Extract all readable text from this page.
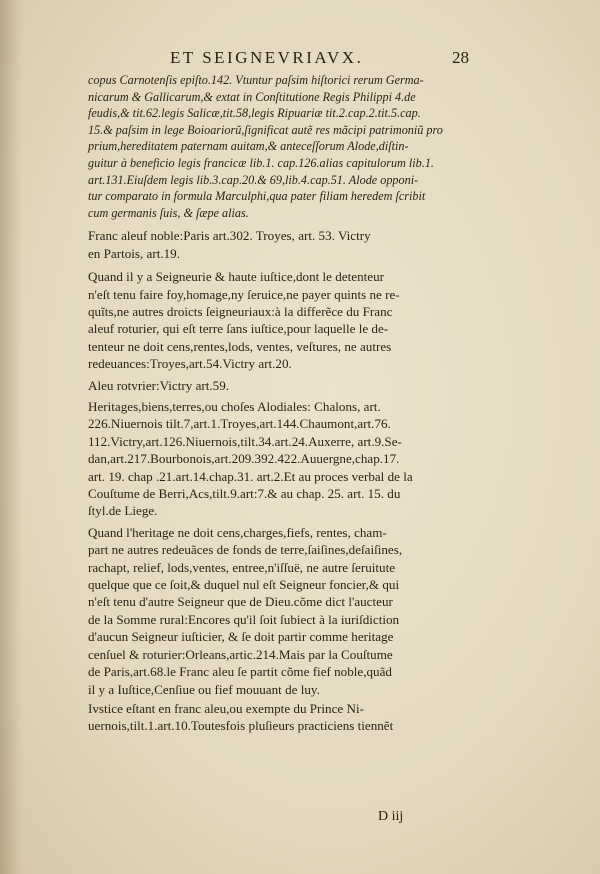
ET SEIGNEVRIAVX.	28

copus Carnotenſis epiſto.142. Vtuntur paſsim hiſtorici rerum Germa-
nicarum & Gallicarum,& extat in Conſtitutione Regis Philippi 4.de
feudis,& tit.62.legis Salicæ,tit.58,legis Ripuariæ tit.2.cap.2.tit.5.cap.
15.& paſsim in lege Boioariorũ,ſignificat autẽ res mãcipi patrimoniũ pro
prium,hereditatem paternam auitam,& anteceſſorum Alode,diſtin-
guitur à beneficio legis francicæ lib.1. cap.126.alias capitulorum lib.1.
art.131.Eiuſdem legis lib.3.cap.20.& 69,lib.4.cap.51. Alode opponi-
tur comparato in formula Marculphi,qua pater filiam heredem ſcribit
cum germanis ſuis, & ſæpe alias.

Franc aleuf noble:Paris art.302. Troyes, art. 53. Victry
en Partois, art.19.

Quand il y a Seigneurie & haute iuſtice,dont le detenteur
n'eſt tenu faire foy,homage,ny ſeruice,ne payer quints ne re-
quĩts,ne autres droicts ſeigneuriaux:à la differẽce du Franc
aleuf roturier, qui eſt terre ſans iuſtice,pour laquelle le de-
tenteur ne doit cens,rentes,lods, ventes, veſtures, ne autres
redeuances:Troyes,art.54.Victry art.20.

Aleu rotvrier:Victry art.59.

Heritages,biens,terres,ou choſes Alodiales: Chalons, art.
226.Niuernois tilt.7,art.1.Troyes,art.144.Chaumont,art.76.
112.Victry,art.126.Niuernois,tilt.34.art.24.Auxerre, art.9.Se-
dan,art.217.Bourbonois,art.209.392.422.Auuergne,chap.17.
art. 19. chap .21.art.14.chap.31. art.2.Et au proces verbal de la
Couſtume de Berri,Acs,tilt.9.art:7.& au chap. 25. art. 15. du
ſtyl.de Liege.

Quand l'heritage ne doit cens,charges,fiefs, rentes, cham-
part ne autres redeuãces de fonds de terre,ſaiſines,deſaiſines,
rachapt, relief, lods,ventes, entree,n'iſſuë, ne autre ſeruitute
quelque que ce ſoit,& duquel nul eſt Seigneur foncier,& qui
n'eſt tenu d'autre Seigneur que de Dieu.cõme dict l'aucteur
de la Somme rural:Encores qu'il ſoit ſubiect à la iuriſdiction
d'aucun Seigneur iuſticier, & ſe doit partir comme heritage
cenſuel & roturier:Orleans,artic.214.Mais par la Couſtume
de Paris,art.68.le Franc aleu ſe partit cõme fief noble,quãd
il y a Iuſtice,Cenſiue ou fief mouuant de luy.

Ivstice eſtant en franc aleu,ou exempte du Prince Ni-
uernois,tilt.1.art.10.Toutesfois pluſieurs practiciens tiennẽt

D iij
